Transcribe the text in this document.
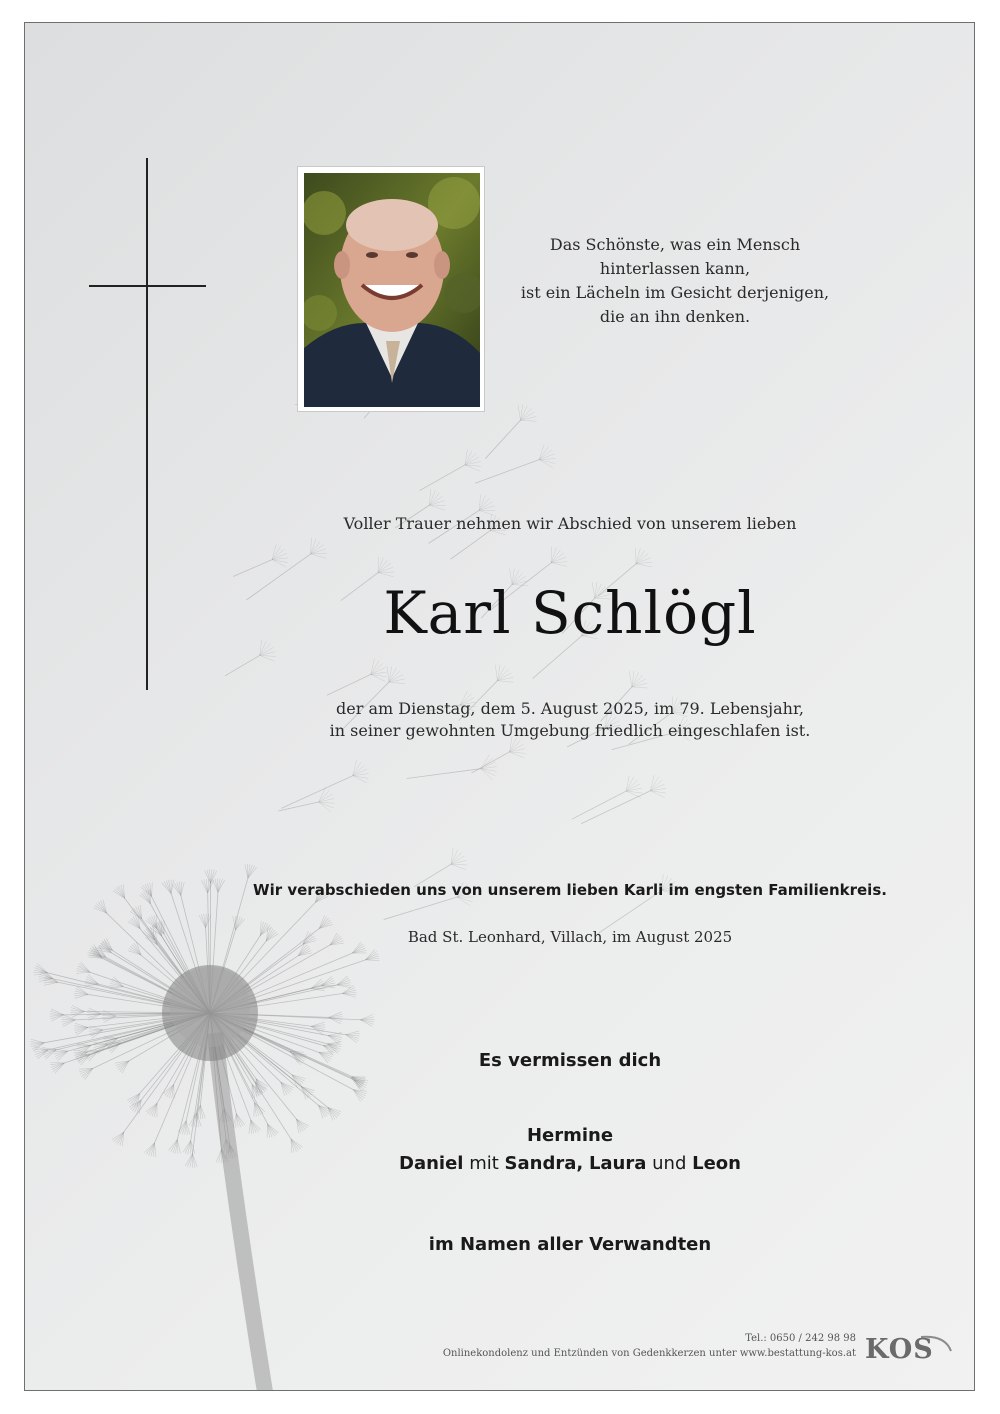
Das Schönste, was ein Mensch
hinterlassen kann,
ist ein Lächeln im Gesicht derjenigen,
die an ihn denken.
Voller Trauer nehmen wir Abschied von unserem lieben
Karl Schlögl
der am Dienstag, dem 5. August 2025, im 79. Lebensjahr,
in seiner gewohnten Umgebung friedlich eingeschlafen ist.
Wir verabschieden uns von unserem lieben Karli im engsten Familienkreis.
Bad St. Leonhard, Villach, im August 2025
Es vermissen dich
Hermine
Daniel mit Sandra, Laura und Leon
im Namen aller Verwandten
Tel.: 0650 / 242 98 98
Onlinekondolenz und Entzünden von Gedenkkerzen unter www.bestattung-kos.at KOS
